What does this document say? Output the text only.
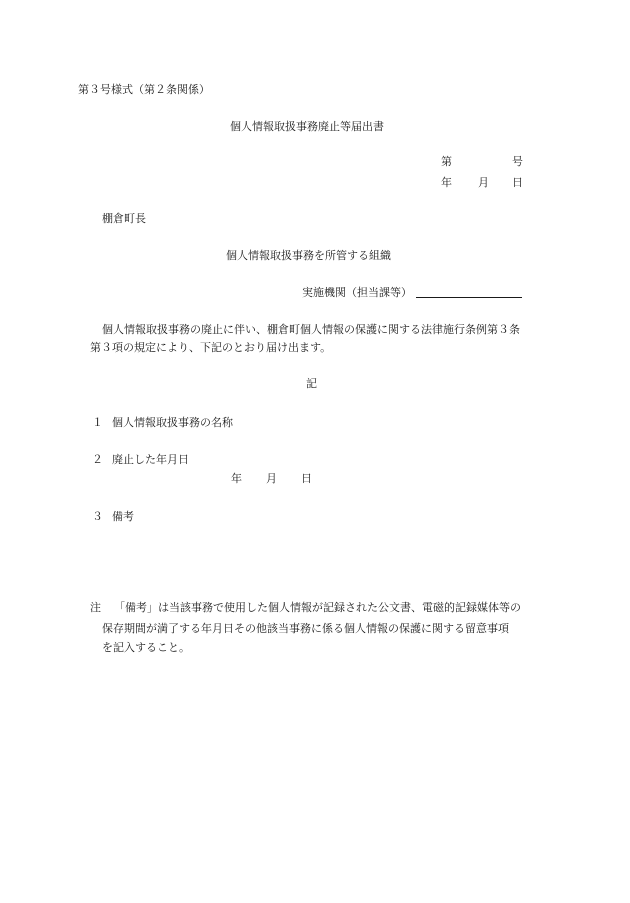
第３号様式（第２条関係）
個人情報取扱事務廃止等届出書
第	号
年 月 日
棚倉町長
個人情報取扱事務を所管する組織
実施機関（担当課等）
個人情報取扱事務の廃止に伴い、棚倉町個人情報の保護に関する法律施行条例第３条
第３項の規定により、下記のとおり届け出ます。
記
１ 個人情報取扱事務の名称
２ 廃止した年月日
年 月 日
３ 備考
注 「備考」は当該事務で使用した個人情報が記録された公文書、電磁的記録媒体等の
保存期間が満了する年月日その他該当事務に係る個人情報の保護に関する留意事項
を記入すること。
